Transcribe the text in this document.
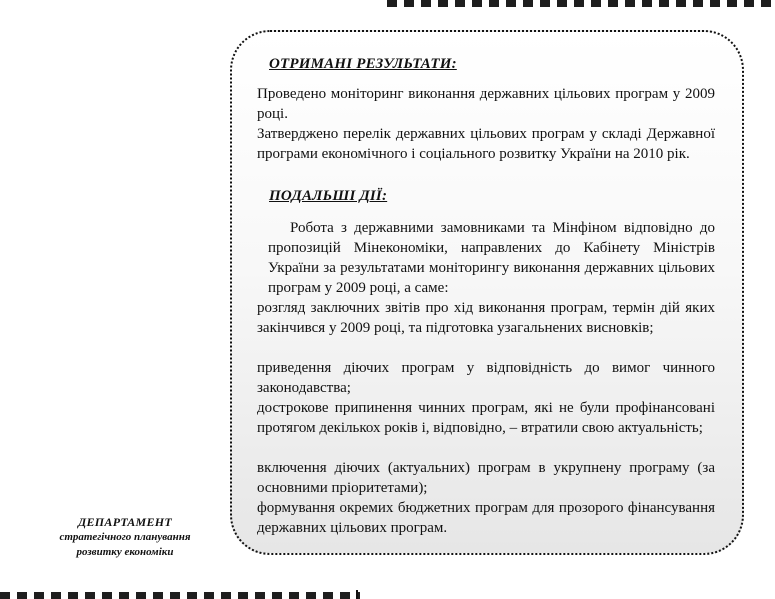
ОТРИМАНІ РЕЗУЛЬТАТИ:
Проведено моніторинг виконання державних цільових програм у 2009 році.
Затверджено перелік державних цільових програм у складі Державної програми економічного і соціального розвитку України на 2010 рік.
ПОДАЛЬШІ ДІЇ:
Робота з державними замовниками та Мінфіном відповідно до пропозицій Мінекономіки, направлених до Кабінету Міністрів України за результатами моніторингу виконання державних цільових програм у 2009 році, а саме:
розгляд заключних звітів про хід виконання програм, термін дій яких закінчився у 2009 році, та підготовка узагальнених висновків;
приведення діючих програм у відповідність до вимог чинного законодавства;
дострокове припинення чинних програм, які не були профінансовані протягом декількох років і, відповідно, – втратили свою актуальність;
включення діючих (актуальних) програм в укрупнену програму (за основними пріоритетами);
формування окремих бюджетних програм для прозорого фінансування державних цільових програм.
ДЕПАРТАМЕНТ
стратегічного планування
розвитку економіки
